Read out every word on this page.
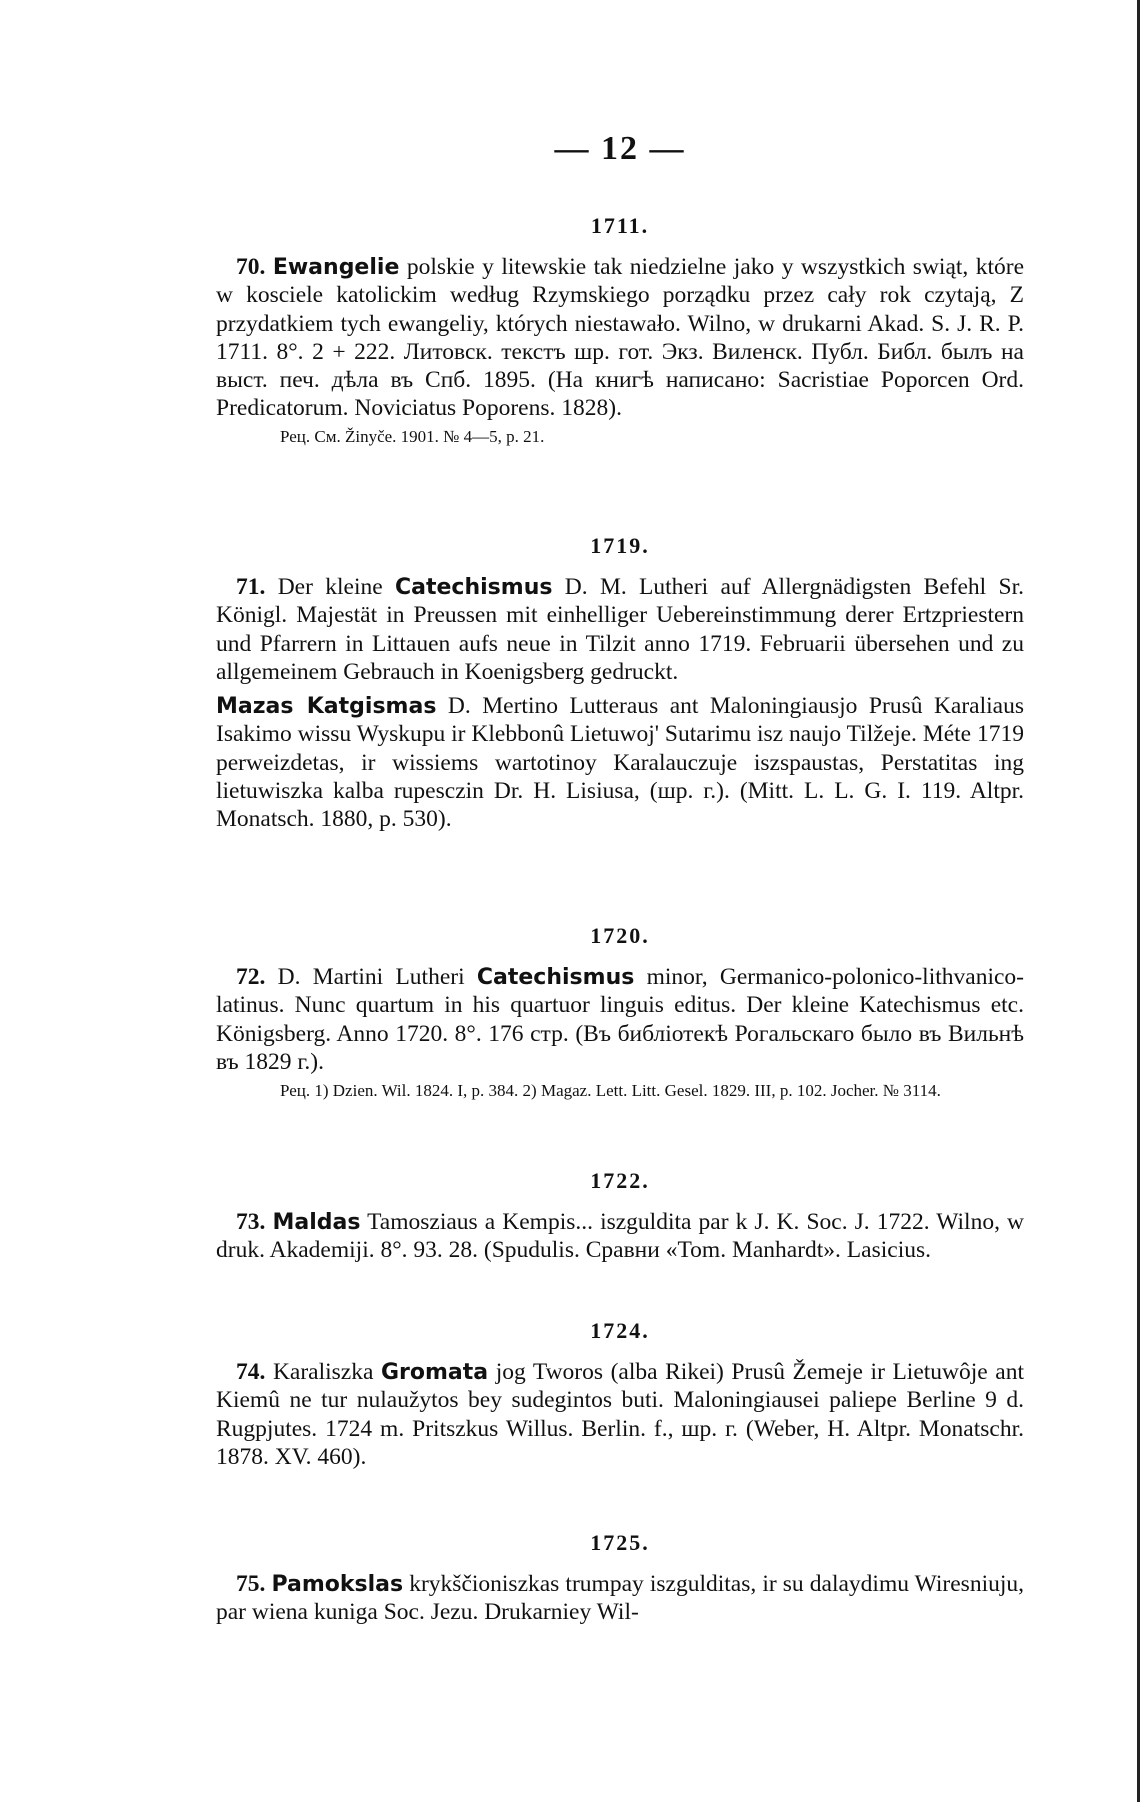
— 12 —

1711.

70. Ewangelie polskie y litewskie tak niedzielne jako y wszystkich swiąt, które w kosciele katolickim według Rzymskiego porządku przez cały rok czytają, Z przydatkiem tych ewangeliy, których niestawało. Wilno, w drukarni Akad. S. J. R. P. 1711. 8°. 2 + 222. Литовск. текстъ шр. гот. Экз. Виленск. Публ. Библ. былъ на выст. печ. дѣла въ Спб. 1895. (На книгѣ написано: Sacristiae Poporcen Ord. Predicatorum. Noviciatus Poporens. 1828).

Рец. См. Žinyče. 1901. № 4—5, p. 21.

1719.

71. Der kleine Catechismus D. M. Lutheri auf Allergnädigsten Befehl Sr. Königl. Majestät in Preussen mit einhelliger Uebereinstimmung derer Ertzpriestern und Pfarrern in Littauen aufs neue in Tilzit anno 1719. Februarii übersehen und zu allgemeinem Gebrauch in Koenigsberg gedruckt.

Mazas Katgismas D. Mertino Lutteraus ant Maloningiausjo Prusû Karaliaus Isakimo wissu Wyskupu ir Klebbonû Lietuwoj' Sutarimu isz naujo Tilžeje. Méte 1719 perweizdetas, ir wissiems wartotinoy Karalauczuje iszspaustas, Perstatitas ing lietuwiszka kalba rupesczin Dr. H. Lisiusa, (шр. г.). (Mitt. L. L. G. I. 119. Altpr. Monatsch. 1880, p. 530).

1720.

72. D. Martini Lutheri Catechismus minor, Germanico-polonico-lithvanico-latinus. Nunc quartum in his quartuor linguis editus. Der kleine Katechismus etc. Königsberg. Anno 1720. 8°. 176 стр. (Въ библіотекѣ Рогальскаго было въ Вильнѣ въ 1829 г.).

Рец. 1) Dzien. Wil. 1824. I, p. 384. 2) Magaz. Lett. Litt. Gesel. 1829. III, p. 102. Jocher. № 3114.

1722.

73. Maldas Tamosziaus a Kempis... iszguldita par k J. K. Soc. J. 1722. Wilno, w druk. Akademiji. 8°. 93. 28. (Spudulis. Сравни «Tom. Manhardt». Lasicius.

1724.

74. Karaliszka Gromata jog Tworos (alba Rikei) Prusû Žemeje ir Lietuwôje ant Kiemû ne tur nulaužytos bey sudegintos buti. Maloningiausei paliepe Berline 9 d. Rugpjutes. 1724 m. Pritszkus Willus. Berlin. f., шр. г. (Weber, H. Altpr. Monatschr. 1878. XV. 460).

1725.

75. Pamokslas krykščioniszkas trumpay iszgulditas, ir su dalaydimu Wiresniuju, par wiena kuniga Soc. Jezu. Drukarniey Wil-
